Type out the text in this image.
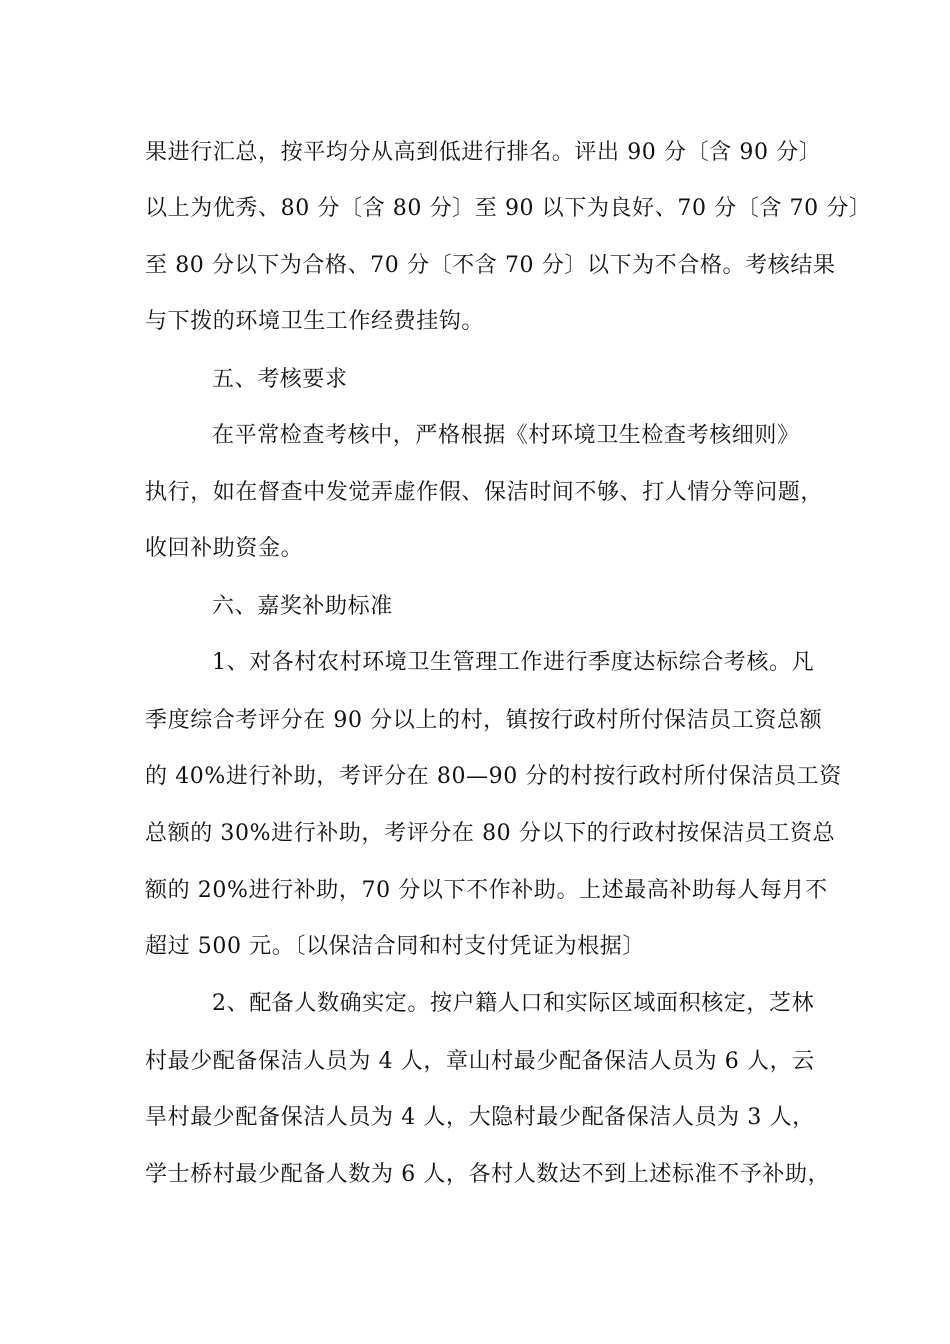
果进行汇总，按平均分从高到低进行排名。评出 90 分〔含 90 分〕
以上为优秀、80 分〔含 80 分〕至 90 以下为良好、70 分〔含 70 分〕
至 80 分以下为合格、70 分〔不含 70 分〕以下为不合格。考核结果
与下拨的环境卫生工作经费挂钩。
五、考核要求
在平常检查考核中，严格根据《村环境卫生检查考核细则》
执行，如在督查中发觉弄虚作假、保洁时间不够、打人情分等问题，
收回补助资金。
六、嘉奖补助标准
1、对各村农村环境卫生管理工作进行季度达标综合考核。凡
季度综合考评分在 90 分以上的村，镇按行政村所付保洁员工资总额
的 40%进行补助，考评分在 80—90 分的村按行政村所付保洁员工资
总额的 30%进行补助，考评分在 80 分以下的行政村按保洁员工资总
额的 20%进行补助，70 分以下不作补助。上述最高补助每人每月不
超过 500 元。〔以保洁合同和村支付凭证为根据〕
2、配备人数确实定。按户籍人口和实际区域面积核定，芝林
村最少配备保洁人员为 4 人，章山村最少配备保洁人员为 6 人，云
旱村最少配备保洁人员为 4 人，大隐村最少配备保洁人员为 3 人，
学士桥村最少配备人数为 6 人，各村人数达不到上述标准不予补助，
